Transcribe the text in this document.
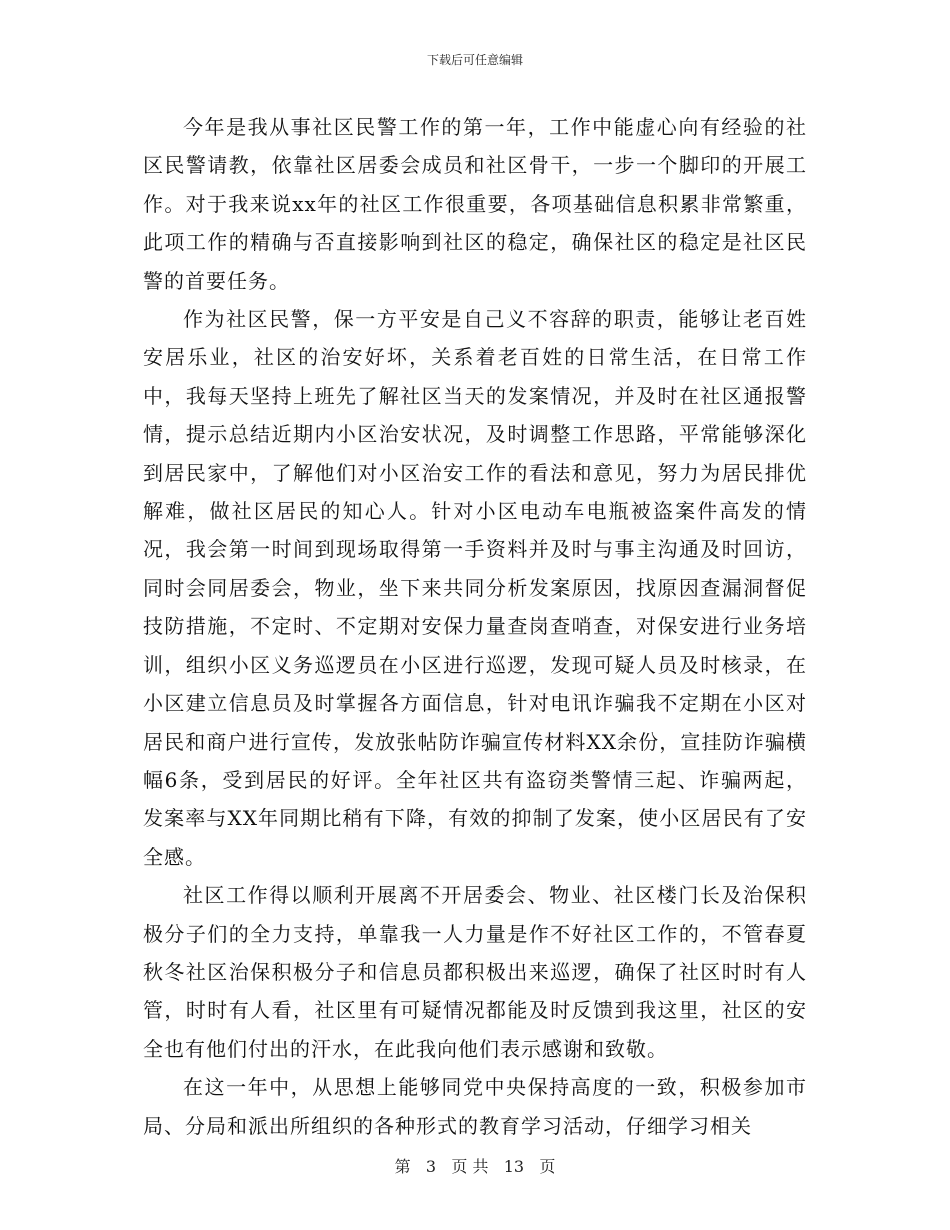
下载后可任意编辑

今年是我从事社区民警工作的第一年，工作中能虚心向有经验的社区民警请教，依靠社区居委会成员和社区骨干，一步一个脚印的开展工作。对于我来说xx年的社区工作很重要，各项基础信息积累非常繁重，此项工作的精确与否直接影响到社区的稳定，确保社区的稳定是社区民警的首要任务。

作为社区民警，保一方平安是自己义不容辞的职责，能够让老百姓安居乐业，社区的治安好坏，关系着老百姓的日常生活，在日常工作中，我每天坚持上班先了解社区当天的发案情况，并及时在社区通报警情，提示总结近期内小区治安状况，及时调整工作思路，平常能够深化到居民家中，了解他们对小区治安工作的看法和意见，努力为居民排优解难，做社区居民的知心人。针对小区电动车电瓶被盗案件高发的情况，我会第一时间到现场取得第一手资料并及时与事主沟通及时回访，同时会同居委会，物业，坐下来共同分析发案原因，找原因查漏洞督促技防措施，不定时、不定期对安保力量查岗查哨查，对保安进行业务培训，组织小区义务巡逻员在小区进行巡逻，发现可疑人员及时核录，在小区建立信息员及时掌握各方面信息，针对电讯诈骗我不定期在小区对居民和商户进行宣传，发放张帖防诈骗宣传材料XX余份，宣挂防诈骗横幅6条，受到居民的好评。全年社区共有盗窃类警情三起、诈骗两起，发案率与XX年同期比稍有下降，有效的抑制了发案，使小区居民有了安全感。

社区工作得以顺利开展离不开居委会、物业、社区楼门长及治保积极分子们的全力支持，单靠我一人力量是作不好社区工作的，不管春夏秋冬社区治保积极分子和信息员都积极出来巡逻，确保了社区时时有人管，时时有人看，社区里有可疑情况都能及时反馈到我这里，社区的安全也有他们付出的汗水，在此我向他们表示感谢和致敬。

在这一年中，从思想上能够同党中央保持高度的一致，积极参加市局、分局和派出所组织的各种形式的教育学习活动，仔细学习相关

第 3 页 共 13 页
